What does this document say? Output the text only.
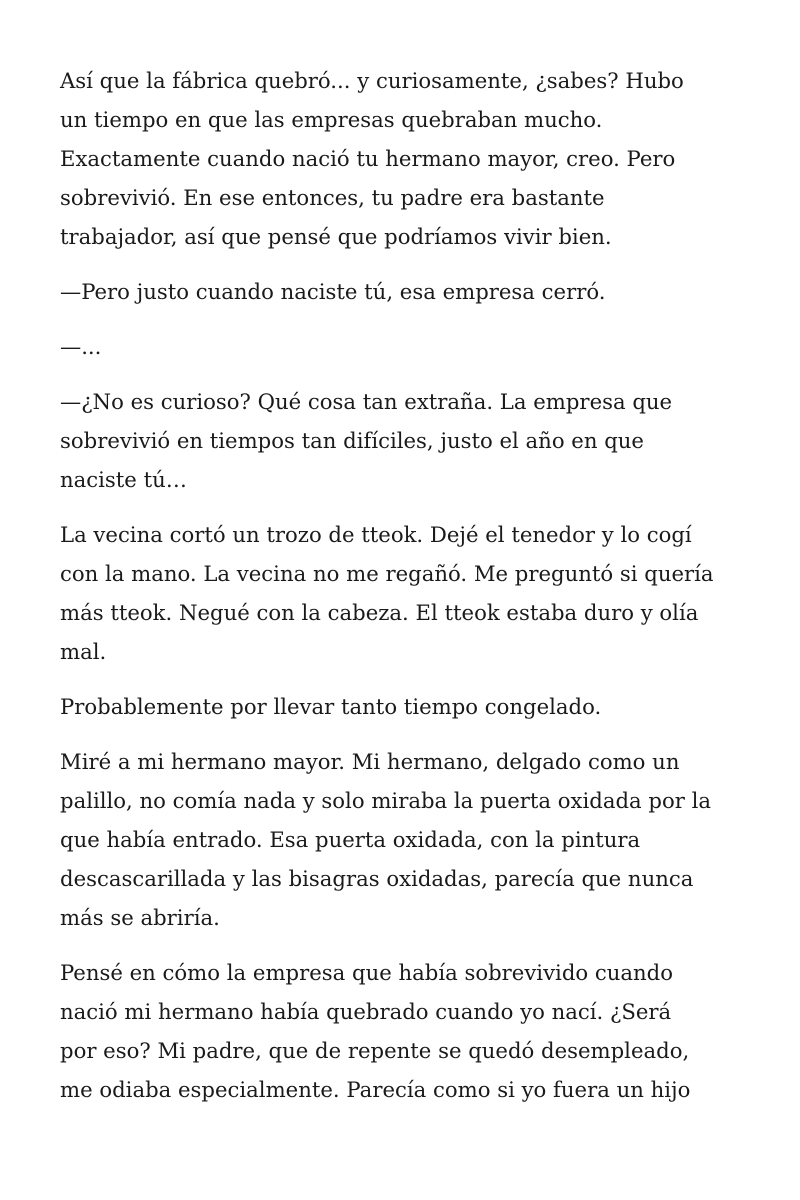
Así que la fábrica quebró... y curiosamente, ¿sabes? Hubo
un tiempo en que las empresas quebraban mucho.
Exactamente cuando nació tu hermano mayor, creo. Pero
sobrevivió. En ese entonces, tu padre era bastante
trabajador, así que pensé que podríamos vivir bien.
—Pero justo cuando naciste tú, esa empresa cerró.
—...
—¿No es curioso? Qué cosa tan extraña. La empresa que
sobrevivió en tiempos tan difíciles, justo el año en que
naciste tú…
La vecina cortó un trozo de tteok. Dejé el tenedor y lo cogí
con la mano. La vecina no me regañó. Me preguntó si quería
más tteok. Negué con la cabeza. El tteok estaba duro y olía
mal.
Probablemente por llevar tanto tiempo congelado.
Miré a mi hermano mayor. Mi hermano, delgado como un
palillo, no comía nada y solo miraba la puerta oxidada por la
que había entrado. Esa puerta oxidada, con la pintura
descascarillada y las bisagras oxidadas, parecía que nunca
más se abriría.
Pensé en cómo la empresa que había sobrevivido cuando
nació mi hermano había quebrado cuando yo nací. ¿Será
por eso? Mi padre, que de repente se quedó desempleado,
me odiaba especialmente. Parecía como si yo fuera un hijo
